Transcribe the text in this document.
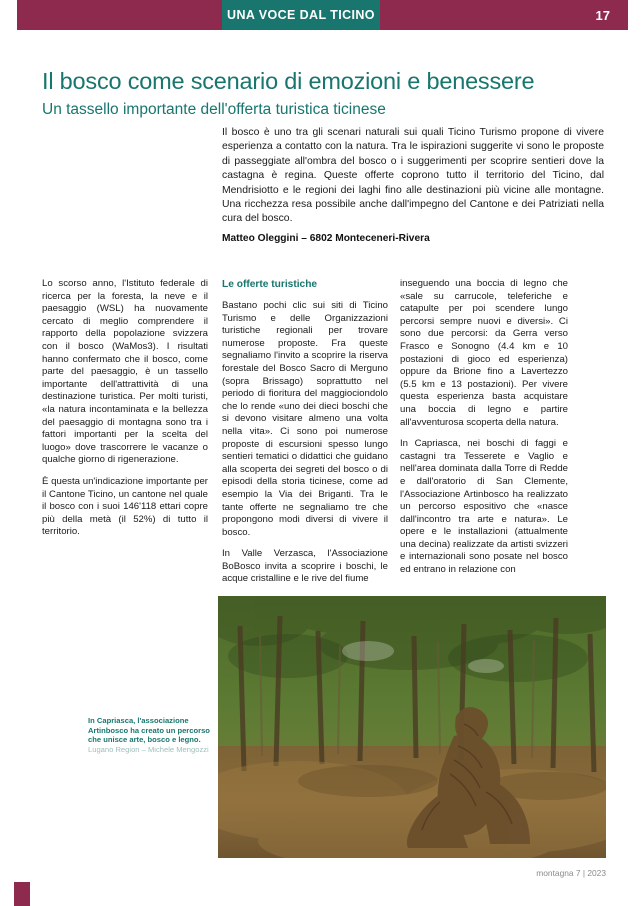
UNA VOCE DAL TICINO	17
Il bosco come scenario di emozioni e benessere
Un tassello importante dell'offerta turistica ticinese
Il bosco è uno tra gli scenari naturali sui quali Ticino Turismo propone di vivere esperienza a contatto con la natura. Tra le ispirazioni suggerite vi sono le proposte di passeggiate all'ombra del bosco o i suggerimenti per scoprire sentieri dove la castagna è regina. Queste offerte coprono tutto il territorio del Ticino, dal Mendrisiotto e le regioni dei laghi fino alle destinazioni più vicine alle montagne. Una ricchezza resa possibile anche dall'impegno del Cantone e dei Patriziati nella cura del bosco.
Matteo Oleggini – 6802 Monteceneri-Rivera

Lo scorso anno, l'Istituto federale di ricerca per la foresta, la neve e il paesaggio (WSL) ha nuovamente cercato di meglio comprendere il rapporto della popolazione svizzera con il bosco (WaMos3). I risultati hanno confermato che il bosco, come parte del paesaggio, è un tassello importante dell'attrattività di una destinazione turistica. Per molti turisti, «la natura incontaminata e la bellezza del paesaggio di montagna sono tra i fattori importanti per la scelta del luogo» dove trascorrere le vacanze o qualche giorno di rigenerazione.

È questa un'indicazione importante per il Cantone Ticino, un cantone nel quale il bosco con i suoi 146'118 ettari copre più della metà (il 52%) di tutto il territorio.

Le offerte turistiche

Bastano pochi clic sui siti di Ticino Turismo e delle Organizzazioni turistiche regionali per trovare numerose proposte. Fra queste segnaliamo l'invito a scoprire la riserva forestale del Bosco Sacro di Merguno (sopra Brissago) soprattutto nel periodo di fioritura del maggiociondolo che lo rende «uno dei dieci boschi che si devono visitare almeno una volta nella vita». Ci sono poi numerose proposte di escursioni spesso lungo sentieri tematici o didattici che guidano alla scoperta dei segreti del bosco o di episodi della storia ticinese, come ad esempio la Via dei Briganti. Tra le tante offerte ne segnaliamo tre che propongono modi diversi di vivere il bosco.

In Valle Verzasca, l'Associazione BoBosco invita a scoprire i boschi, le acque cristalline e le rive del fiume

inseguendo una boccia di legno che «sale su carrucole, teleferiche e catapulte per poi scendere lungo percorsi sempre nuovi e diversi». Ci sono due percorsi: da Gerra verso Frasco e Sonogno (4.4 km e 10 postazioni di gioco ed esperienza) oppure da Brione fino a Lavertezzo (5.5 km e 13 postazioni). Per vivere questa esperienza basta acquistare una boccia di legno e partire all'avventurosa scoperta della natura.

In Capriasca, nei boschi di faggi e castagni tra Tesserete e Vaglio e nell'area dominata dalla Torre di Redde e dall'oratorio di San Clemente, l'Associazione Artinbosco ha realizzato un percorso espositivo che «nasce dall'incontro tra arte e natura». Le opere e le installazioni (attualmente una decina) realizzate da artisti svizzeri e internazionali sono posate nel bosco ed entrano in relazione con

In Capriasca, l'associazione Artinbosco ha creato un percorso che unisce arte, bosco e legno. Lugano Region – Michele Mengozzi
montagna 7 | 2023
